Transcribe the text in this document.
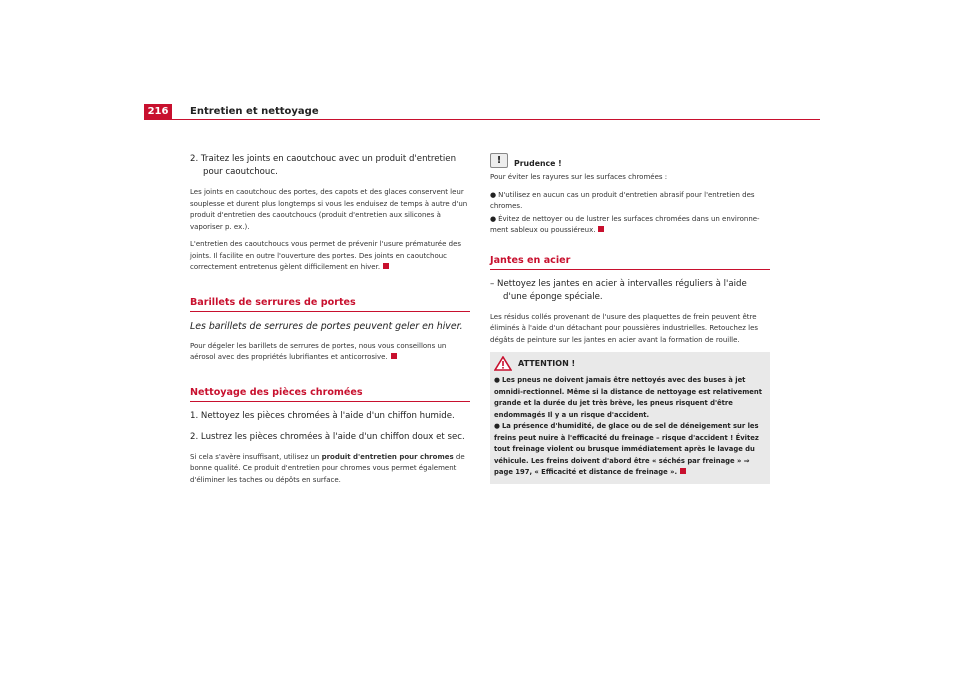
216	Entretien et nettoyage

2. Traitez les joints en caoutchouc avec un produit d'entretien pour caoutchouc.

Les joints en caoutchouc des portes, des capots et des glaces conservent leur souplesse et durent plus longtemps si vous les enduisez de temps à autre d'un produit d'entretien des caoutchoucs (produit d'entretien aux silicones à vaporiser p. ex.).

L'entretien des caoutchoucs vous permet de prévenir l'usure prématurée des joints. Il facilite en outre l'ouverture des portes. Des joints en caoutchouc correctement entretenus gèlent difficilement en hiver.

Barillets de serrures de portes

Les barillets de serrures de portes peuvent geler en hiver.

Pour dégeler les barillets de serrures de portes, nous vous conseillons un aérosol avec des propriétés lubrifiantes et anticorrosive.

Nettoyage des pièces chromées

1. Nettoyez les pièces chromées à l'aide d'un chiffon humide.

2. Lustrez les pièces chromées à l'aide d'un chiffon doux et sec.

Si cela s'avère insuffisant, utilisez un produit d'entretien pour chromes de bonne qualité. Ce produit d'entretien pour chromes vous permet également d'éliminer les taches ou dépôts en surface.

!	Prudence !

Pour éviter les rayures sur les surfaces chromées :

● N'utilisez en aucun cas un produit d'entretien abrasif pour l'entretien des chromes.

● Évitez de nettoyer ou de lustrer les surfaces chromées dans un environne-ment sableux ou poussiéreux.

Jantes en acier

– Nettoyez les jantes en acier à intervalles réguliers à l'aide d'une éponge spéciale.

Les résidus collés provenant de l'usure des plaquettes de frein peuvent être éliminés à l'aide d'un détachant pour poussières industrielles. Retouchez les dégâts de peinture sur les jantes en acier avant la formation de rouille.

ATTENTION !

● Les pneus ne doivent jamais être nettoyés avec des buses à jet omnidi-rectionnel. Même si la distance de nettoyage est relativement grande et la durée du jet très brève, les pneus risquent d'être endommagés Il y a un risque d'accident.

● La présence d'humidité, de glace ou de sel de déneigement sur les freins peut nuire à l'efficacité du freinage – risque d'accident ! Évitez tout freinage violent ou brusque immédiatement après le lavage du véhicule. Les freins doivent d'abord être « séchés par freinage » ⇒ page 197, « Efficacité et distance de freinage ».
